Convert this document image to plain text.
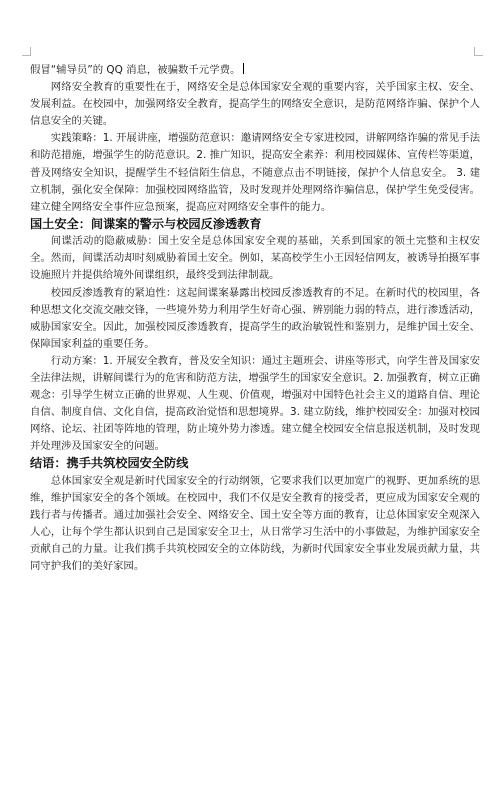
假冒“辅导员”的 QQ 消息，被骗数千元学费。

网络安全教育的重要性在于，网络安全是总体国家安全观的重要内容，关乎国家主权、安全、发展利益。在校园中，加强网络安全教育，提高学生的网络安全意识，是防范网络诈骗、保护个人信息安全的关键。

实践策略：1. 开展讲座，增强防范意识：邀请网络安全专家进校园，讲解网络诈骗的常见手法和防范措施，增强学生的防范意识。2. 推广知识，提高安全素养：利用校园媒体、宣传栏等渠道，普及网络安全知识，提醒学生不轻信陌生信息，不随意点击不明链接，保护个人信息安全。 3. 建立机制，强化安全保障：加强校园网络监管，及时发现并处理网络诈骗信息，保护学生免受侵害。建立健全网络安全事件应急预案，提高应对网络安全事件的能力。

国土安全：间谍案的警示与校园反渗透教育

间谍活动的隐蔽威胁：国土安全是总体国家安全观的基础，关系到国家的领土完整和主权安全。然而，间谍活动却时刻威胁着国土安全。例如，某高校学生小王因轻信网友，被诱导拍摄军事设施照片并提供给境外间谍组织，最终受到法律制裁。

校园反渗透教育的紧迫性：这起间谍案暴露出校园反渗透教育的不足。在新时代的校园里，各种思想文化交流交融交锋，一些境外势力利用学生好奇心强、辨别能力弱的特点，进行渗透活动，威胁国家安全。因此，加强校园反渗透教育，提高学生的政治敏锐性和鉴别力，是维护国土安全、保障国家利益的重要任务。

行动方案：1. 开展安全教育，普及安全知识：通过主题班会、讲座等形式，向学生普及国家安全法律法规，讲解间谍行为的危害和防范方法，增强学生的国家安全意识。2. 加强教育，树立正确观念：引导学生树立正确的世界观、人生观、价值观，增强对中国特色社会主义的道路自信、理论自信、制度自信、文化自信，提高政治觉悟和思想境界。3. 建立防线，维护校园安全：加强对校园网络、论坛、社团等阵地的管理，防止境外势力渗透。建立健全校园安全信息报送机制，及时发现并处理涉及国家安全的问题。

结语：携手共筑校园安全防线

总体国家安全观是新时代国家安全的行动纲领，它要求我们以更加宽广的视野、更加系统的思维，维护国家安全的各个领域。在校园中，我们不仅是安全教育的接受者，更应成为国家安全观的践行者与传播者。通过加强社会安全、网络安全、国土安全等方面的教育，让总体国家安全观深入人心，让每个学生都认识到自己是国家安全卫士，从日常学习生活中的小事做起，为维护国家安全贡献自己的力量。让我们携手共筑校园安全的立体防线，为新时代国家安全事业发展贡献力量，共同守护我们的美好家园。
